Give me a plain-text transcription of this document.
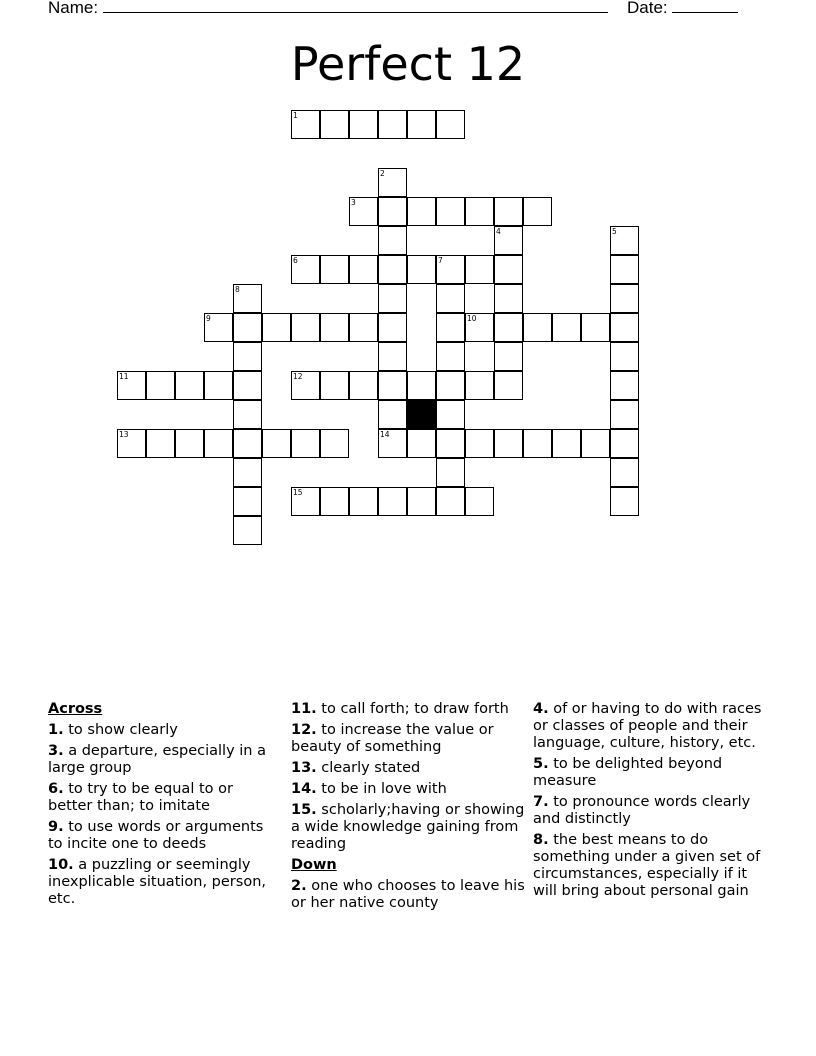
Name:	Date:
Perfect 12
1
3
6	7
9	10
11	12
13	14
15
2
4	5
8
Across
1. to show clearly
3. a departure, especially in a large group
6. to try to be equal to or better than; to imitate
9. to use words or arguments to incite one to deeds
10. a puzzling or seemingly inexplicable situation, person, etc.
11. to call forth; to draw forth
12. to increase the value or beauty of something
13. clearly stated
14. to be in love with
15. scholarly;having or showing a wide knowledge gaining from reading
Down
2. one who chooses to leave his or her native county
4. of or having to do with races or classes of people and their language, culture, history, etc.
5. to be delighted beyond measure
7. to pronounce words clearly and distinctly
8. the best means to do something under a given set of circumstances, especially if it will bring about personal gain
